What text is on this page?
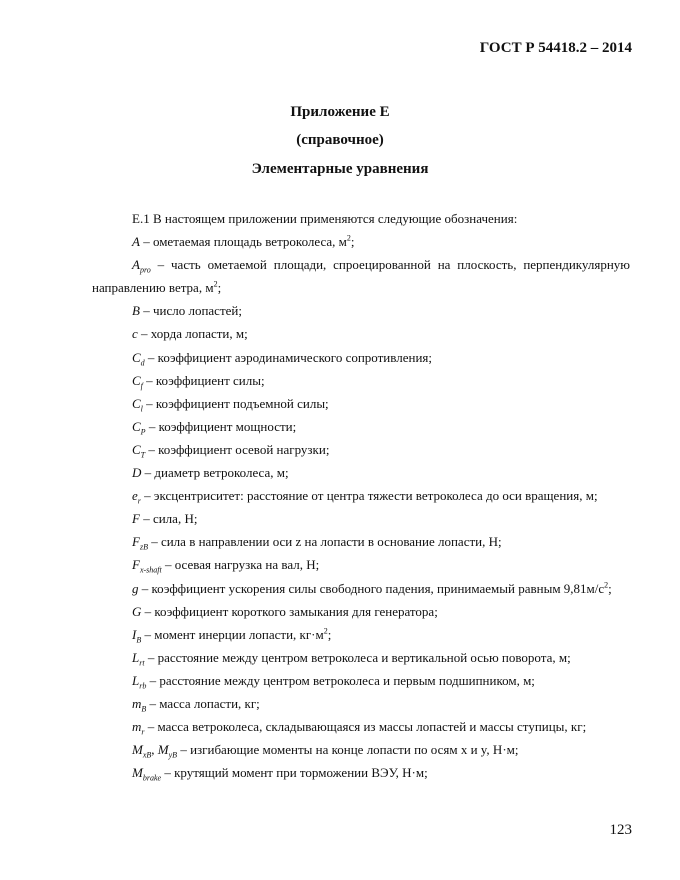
ГОСТ Р 54418.2 – 2014
Приложение Е
(справочное)
Элементарные уравнения
Е.1 В настоящем приложении применяются следующие обозначения:
A – ометаемая площадь ветроколеса, $м^2$;
$A_{pro}$ – часть ометаемой площади, спроецированной на плоскость, перпендикулярную направлению ветра, $м^2$;
B – число лопастей;
c – хорда лопасти, м;
$C_d$ – коэффициент аэродинамического сопротивления;
$C_f$ – коэффициент силы;
$C_l$ – коэффициент подъемной силы;
$C_P$ – коэффициент мощности;
$C_T$ – коэффициент осевой нагрузки;
D – диаметр ветроколеса, м;
$e_r$ – эксцентриситет: расстояние от центра тяжести ветроколеса до оси вращения, м;
F – сила, Н;
$F_{zB}$ – сила в направлении оси z на лопасти в основание лопасти, Н;
$F_{x-shaft}$ – осевая нагрузка на вал, Н;
g – коэффициент ускорения силы свободного падения, принимаемый равным $9,81м/с^2$;
G – коэффициент короткого замыкания для генератора;
$I_B$ – момент инерции лопасти, $кг\cdot м^2$;
$L_{rt}$ – расстояние между центром ветроколеса и вертикальной осью поворота, м;
$L_{rb}$ – расстояние между центром ветроколеса и первым подшипником, м;
$m_B$ – масса лопасти, кг;
$m_r$ – масса ветроколеса, складывающаяся из массы лопастей и массы ступицы, кг;
$M_{xB}$, $M_{yB}$ – изгибающие моменты на конце лопасти по осям x и y, Н·м;
$M_{brake}$ – крутящий момент при торможении ВЭУ, Н·м;
123
